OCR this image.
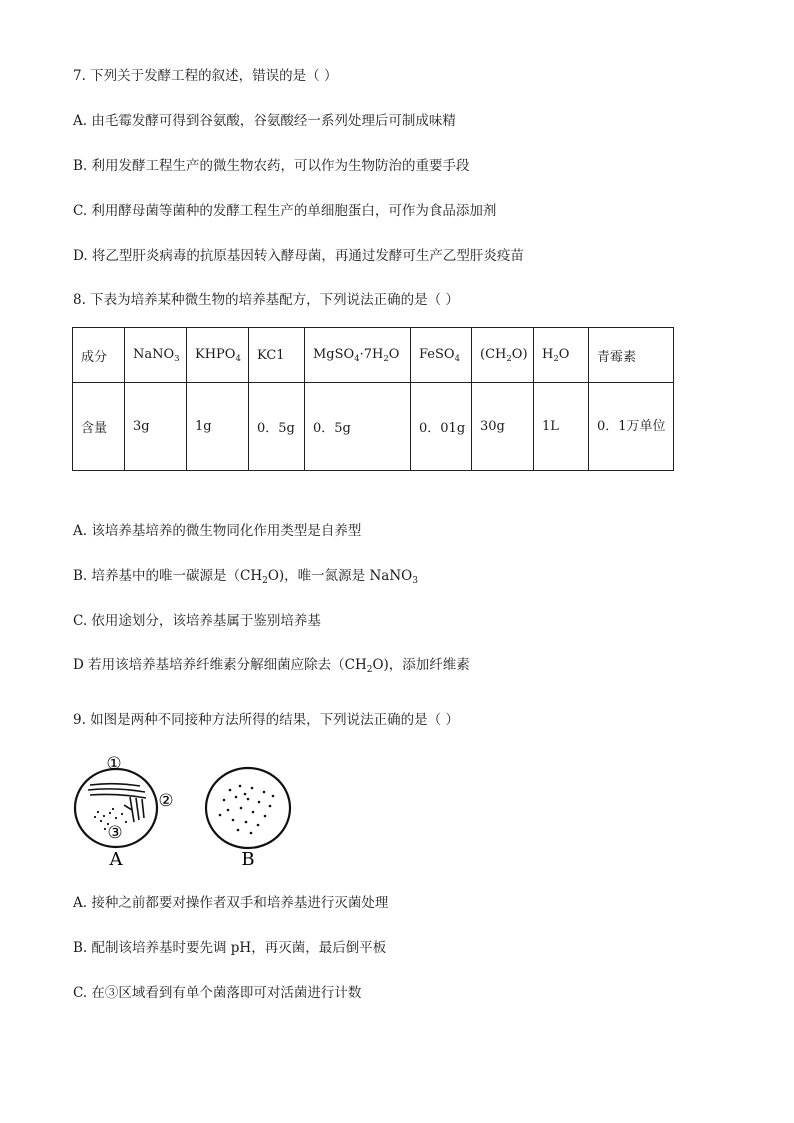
7. 下列关于发酵工程的叙述，错误的是（ ）
A. 由毛霉发酵可得到谷氨酸，谷氨酸经一系列处理后可制成味精
B. 利用发酵工程生产的微生物农药，可以作为生物防治的重要手段
C. 利用酵母菌等菌种的发酵工程生产的单细胞蛋白，可作为食品添加剂
D. 将乙型肝炎病毒的抗原基因转入酵母菌，再通过发酵可生产乙型肝炎疫苗
8. 下表为培养某种微生物的培养基配方，下列说法正确的是（ ）
成分	NaNO$_3$	$KHPO_4$	KC1	$MgSO_4\cdot 7H_2O$	FeSO$_4$	$(CH_2O)$	$H_2O$	青霉素
含量	3g	1g	0．5g	0．5g	0．01g	30g	1L	0．1万单位
A. 该培养基培养的微生物同化作用类型是自养型
B. 培养基中的唯一碳源是$(CH_2O)$，唯一氮源是 NaNO$_3$
C. 依用途划分，该培养基属于鉴别培养基
D 若用该培养基培养纤维素分解细菌应除去$(CH_2O)$，添加纤维素
9. 如图是两种不同接种方法所得的结果，下列说法正确的是（ ）
①
②
③
A	B
A. 接种之前都要对操作者双手和培养基进行灭菌处理
B. 配制该培养基时要先调 pH，再灭菌，最后倒平板
C. 在③区域看到有单个菌落即可对活菌进行计数
